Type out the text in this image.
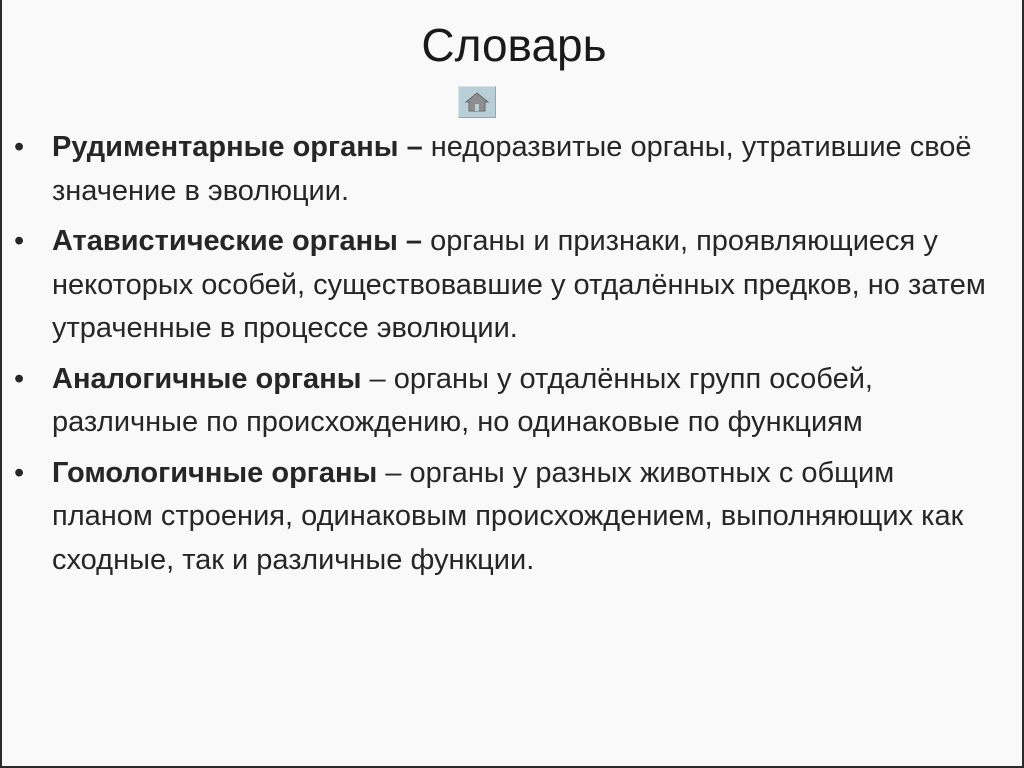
Словарь
• Рудиментарные органы – недоразвитые органы, утратившие своё значение в эволюции.
• Атавистические органы – органы и признаки, проявляющиеся у некоторых особей, существовавшие у отдалённых предков, но затем утраченные в процессе эволюции.
• Аналогичные органы – органы у отдалённых групп особей, различные по происхождению, но одинаковые по функциям
• Гомологичные органы – органы у разных животных с общим планом строения, одинаковым происхождением, выполняющих как сходные, так и различные функции.
